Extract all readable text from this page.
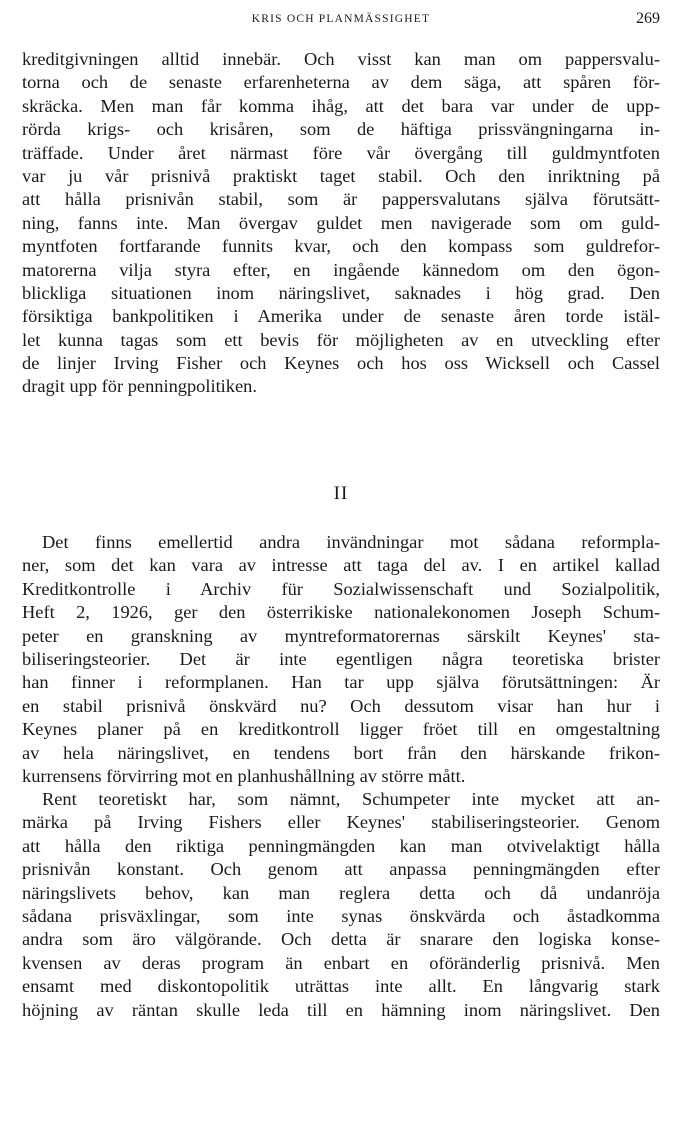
KRIS OCH PLANMÄSSIGHET	269
kreditgivningen alltid innebär. Och visst kan man om pappersvalu-
torna och de senaste erfarenheterna av dem säga, att spåren för-
skräcka. Men man får komma ihåg, att det bara var under de upp-
rörda krigs- och krisåren, som de häftiga prissvängningarna in-
träffade. Under året närmast före vår övergång till guldmyntfoten
var ju vår prisnivå praktiskt taget stabil. Och den inriktning på
att hålla prisnivån stabil, som är pappersvalutans själva förutsätt-
ning, fanns inte. Man övergav guldet men navigerade som om guld-
myntfoten fortfarande funnits kvar, och den kompass som guldrefor-
matorerna vilja styra efter, en ingående kännedom om den ögon-
blickliga situationen inom näringslivet, saknades i hög grad. Den
försiktiga bankpolitiken i Amerika under de senaste åren torde istäl-
let kunna tagas som ett bevis för möjligheten av en utveckling efter
de linjer Irving Fisher och Keynes och hos oss Wicksell och Cassel
dragit upp för penningpolitiken.
II
Det finns emellertid andra invändningar mot sådana reformpla-
ner, som det kan vara av intresse att taga del av. I en artikel kallad
Kreditkontrolle i Archiv für Sozialwissenschaft und Sozialpolitik,
Heft 2, 1926, ger den österrikiske nationalekonomen Joseph Schum-
peter en granskning av myntreformatorernas särskilt Keynes' sta-
biliseringsteorier. Det är inte egentligen några teoretiska brister
han finner i reformplanen. Han tar upp själva förutsättningen: Är
en stabil prisnivå önskvärd nu? Och dessutom visar han hur i
Keynes planer på en kreditkontroll ligger fröet till en omgestaltning
av hela näringslivet, en tendens bort från den härskande frikon-
kurrensens förvirring mot en planhushållning av större mått.
Rent teoretiskt har, som nämnt, Schumpeter inte mycket att an-
märka på Irving Fishers eller Keynes' stabiliseringsteorier. Genom
att hålla den riktiga penningmängden kan man otvivelaktigt hålla
prisnivån konstant. Och genom att anpassa penningmängden efter
näringslivets behov, kan man reglera detta och då undanröja
sådana prisväxlingar, som inte synas önskvärda och åstadkomma
andra som äro välgörande. Och detta är snarare den logiska konse-
kvensen av deras program än enbart en oföränderlig prisnivå. Men
ensamt med diskontopolitik uträttas inte allt. En långvarig stark
höjning av räntan skulle leda till en hämning inom näringslivet. Den
